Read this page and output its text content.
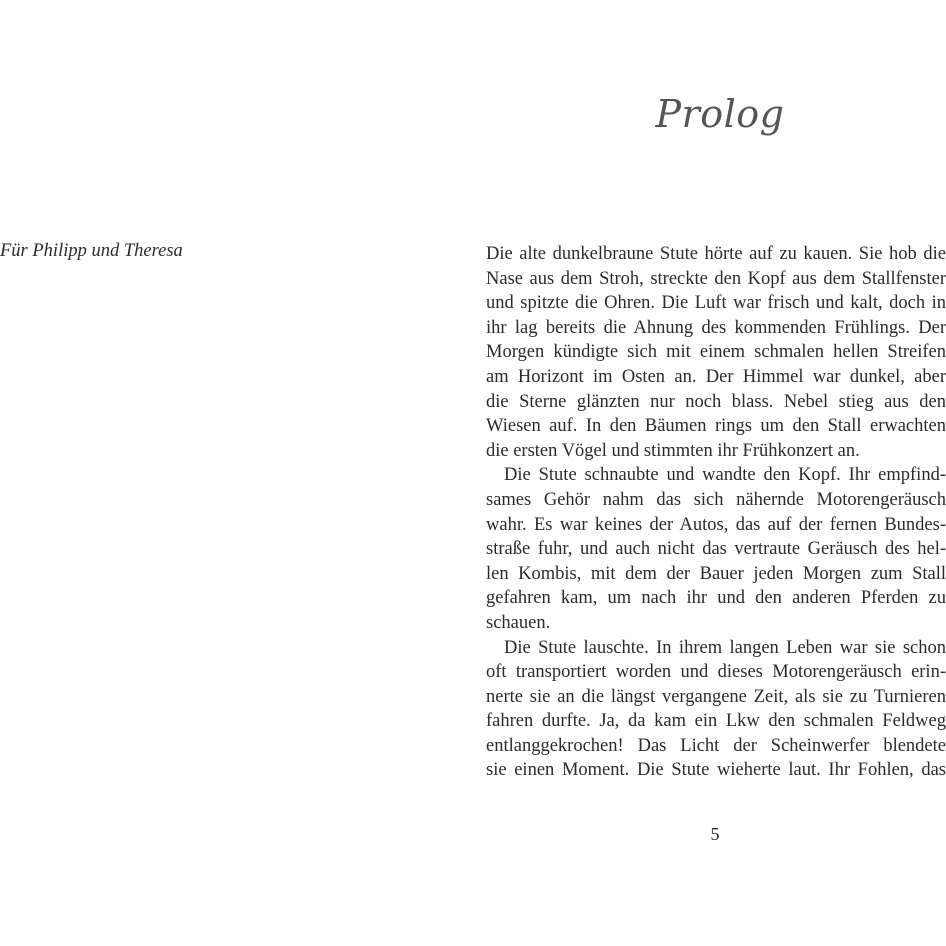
Prolog
Für Philipp und Theresa	Die alte dunkelbraune Stute hörte auf zu kauen. Sie hob die
Nase aus dem Stroh, streckte den Kopf aus dem Stallfenster
und spitzte die Ohren. Die Luft war frisch und kalt, doch in
ihr lag bereits die Ahnung des kommenden Frühlings. Der
Morgen kündigte sich mit einem schmalen hellen Streifen
am Horizont im Osten an. Der Himmel war dunkel, aber
die Sterne glänzten nur noch blass. Nebel stieg aus den
Wiesen auf. In den Bäumen rings um den Stall erwachten
die ersten Vögel und stimmten ihr Frühkonzert an.

Die Stute schnaubte und wandte den Kopf. Ihr empfind-
sames Gehör nahm das sich nähernde Motorengeräusch
wahr. Es war keines der Autos, das auf der fernen Bundes-
straße fuhr, und auch nicht das vertraute Geräusch des hel-
len Kombis, mit dem der Bauer jeden Morgen zum Stall
gefahren kam, um nach ihr und den anderen Pferden zu
schauen.

Die Stute lauschte. In ihrem langen Leben war sie schon
oft transportiert worden und dieses Motorengeräusch erin-
nerte sie an die längst vergangene Zeit, als sie zu Turnieren
fahren durfte. Ja, da kam ein Lkw den schmalen Feldweg
entlanggekrochen! Das Licht der Scheinwerfer blendete
sie einen Moment. Die Stute wieherte laut. Ihr Fohlen, das

5
